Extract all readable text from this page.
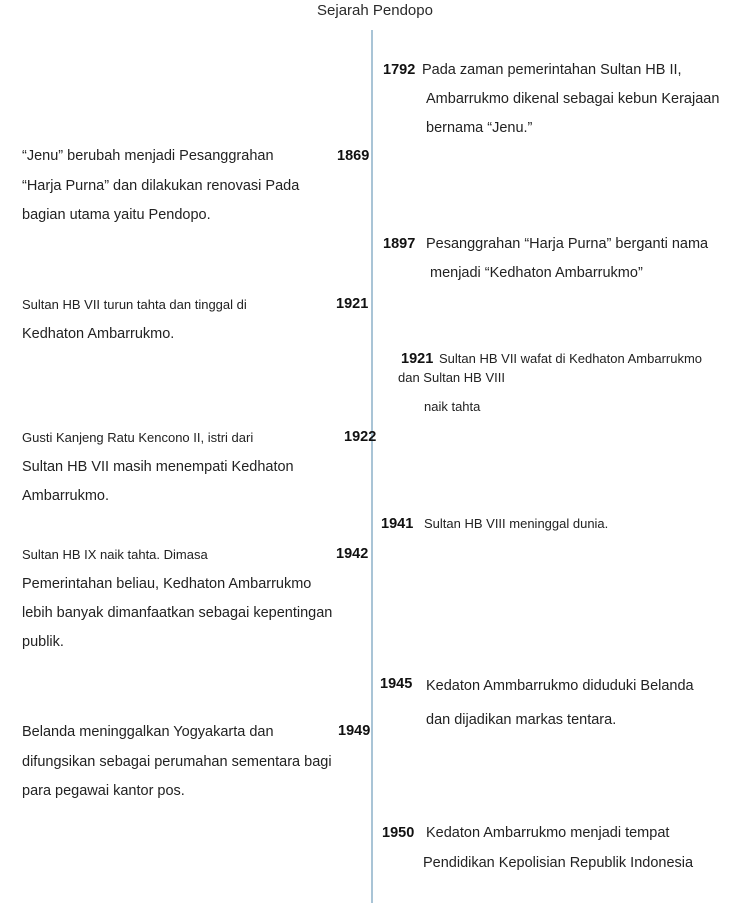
Sejarah Pendopo
1792 Pada zaman pemerintahan Sultan HB II,
Ambarrukmo dikenal sebagai kebun Kerajaan
bernama “Jenu.”
1897 Pesanggrahan “Harja Purna” berganti nama
menjadi “Kedhaton Ambarrukmo”
1921 Sultan HB VII wafat di Kedhaton Ambarrukmo
dan Sultan HB VIII
naik tahta
1941 Sultan HB VIII meninggal dunia.
1945 Kedaton Ammbarrukmo diduduki Belanda
dan dijadikan markas tentara.
1950 Kedaton Ambarrukmo menjadi tempat
Pendidikan Kepolisian Republik Indonesia
“Jenu” berubah menjadi Pesanggrahan	1869
“Harja Purna” dan dilakukan renovasi Pada
bagian utama yaitu Pendopo.
Sultan HB VII turun tahta dan tinggal di	1921
Kedhaton Ambarrukmo.
Gusti Kanjeng Ratu Kencono II, istri dari	1922
Sultan HB VII masih menempati Kedhaton
Ambarrukmo.
Sultan HB IX naik tahta. Dimasa	1942
Pemerintahan beliau, Kedhaton Ambarrukmo
lebih banyak dimanfaatkan sebagai kepentingan
publik.
Belanda meninggalkan Yogyakarta dan	1949
difungsikan sebagai perumahan sementara bagi
para pegawai kantor pos.
